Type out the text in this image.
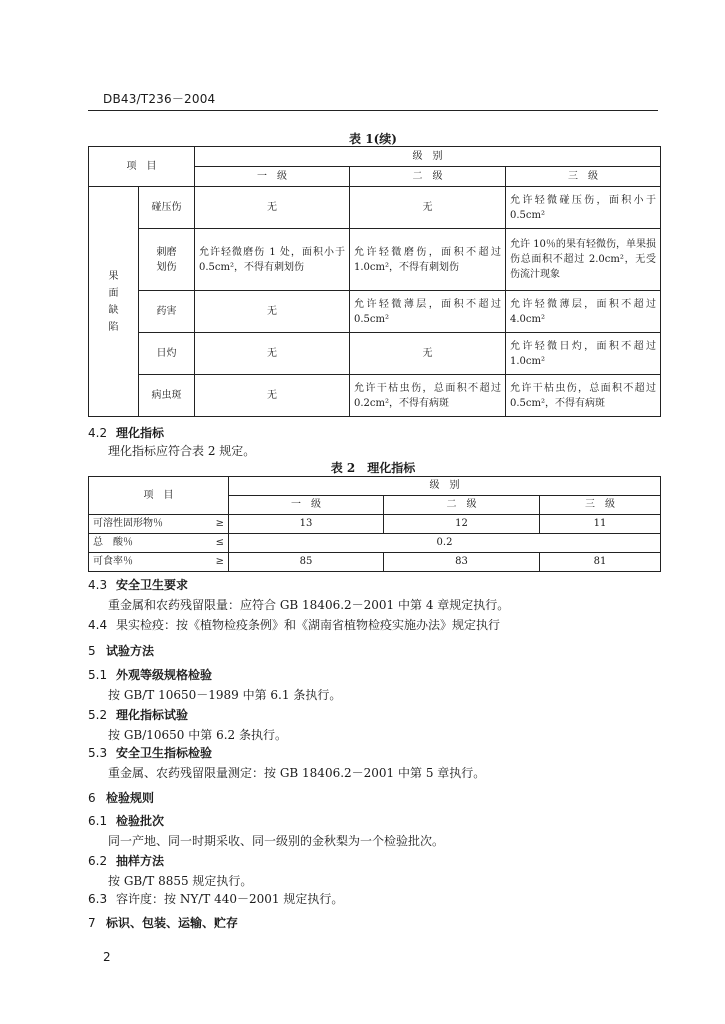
DB43/T236－2004
表 1(续)
项　目		级　别		
		一　级	二　级	三　级
果面缺陷	碰压伤	无	无	允许轻微碰压伤，面积小于 0.5cm²
	刺磨划伤	允许轻微磨伤 1 处，面积小于 0.5cm²，不得有刺划伤	允许轻微磨伤，面积不超过 1.0cm²，不得有刺划伤	允许 10％的果有轻微伤，单果损伤总面积不超过 2.0cm²，无受伤流汁现象
	药害	无	允许轻微薄层，面积不超过 0.5cm²	允许轻微薄层，面积不超过 4.0cm²
	日灼	无	无	允许轻微日灼，面积不超过 1.0cm²
	病虫斑	无	允许干枯虫伤，总面积不超过 0.2cm²，不得有病斑	允许干枯虫伤，总面积不超过 0.5cm²，不得有病斑
4.2 理化指标
理化指标应符合表 2 规定。
表 2　理化指标
项　目	级　别		
	一　级	二　级	三　级
可溶性固形物％ ≥	13	12	11
总　酸％ ≤	0.2		
可食率％ ≥	85	83	81
4.3 安全卫生要求
重金属和农药残留限量：应符合 GB 18406.2－2001 中第 4 章规定执行。
4.4 果实检疫：按《植物检疫条例》和《湖南省植物检疫实施办法》规定执行
5 试验方法
5.1 外观等级规格检验
按 GB/T 10650－1989 中第 6.1 条执行。
5.2 理化指标试验
按 GB/10650 中第 6.2 条执行。
5.3 安全卫生指标检验
重金属、农药残留限量测定：按 GB 18406.2－2001 中第 5 章执行。
6 检验规则
6.1 检验批次
同一产地、同一时期采收、同一级别的金秋梨为一个检验批次。
6.2 抽样方法
按 GB/T 8855 规定执行。
6.3 容许度：按 NY/T 440－2001 规定执行。
7 标识、包装、运输、贮存
2
